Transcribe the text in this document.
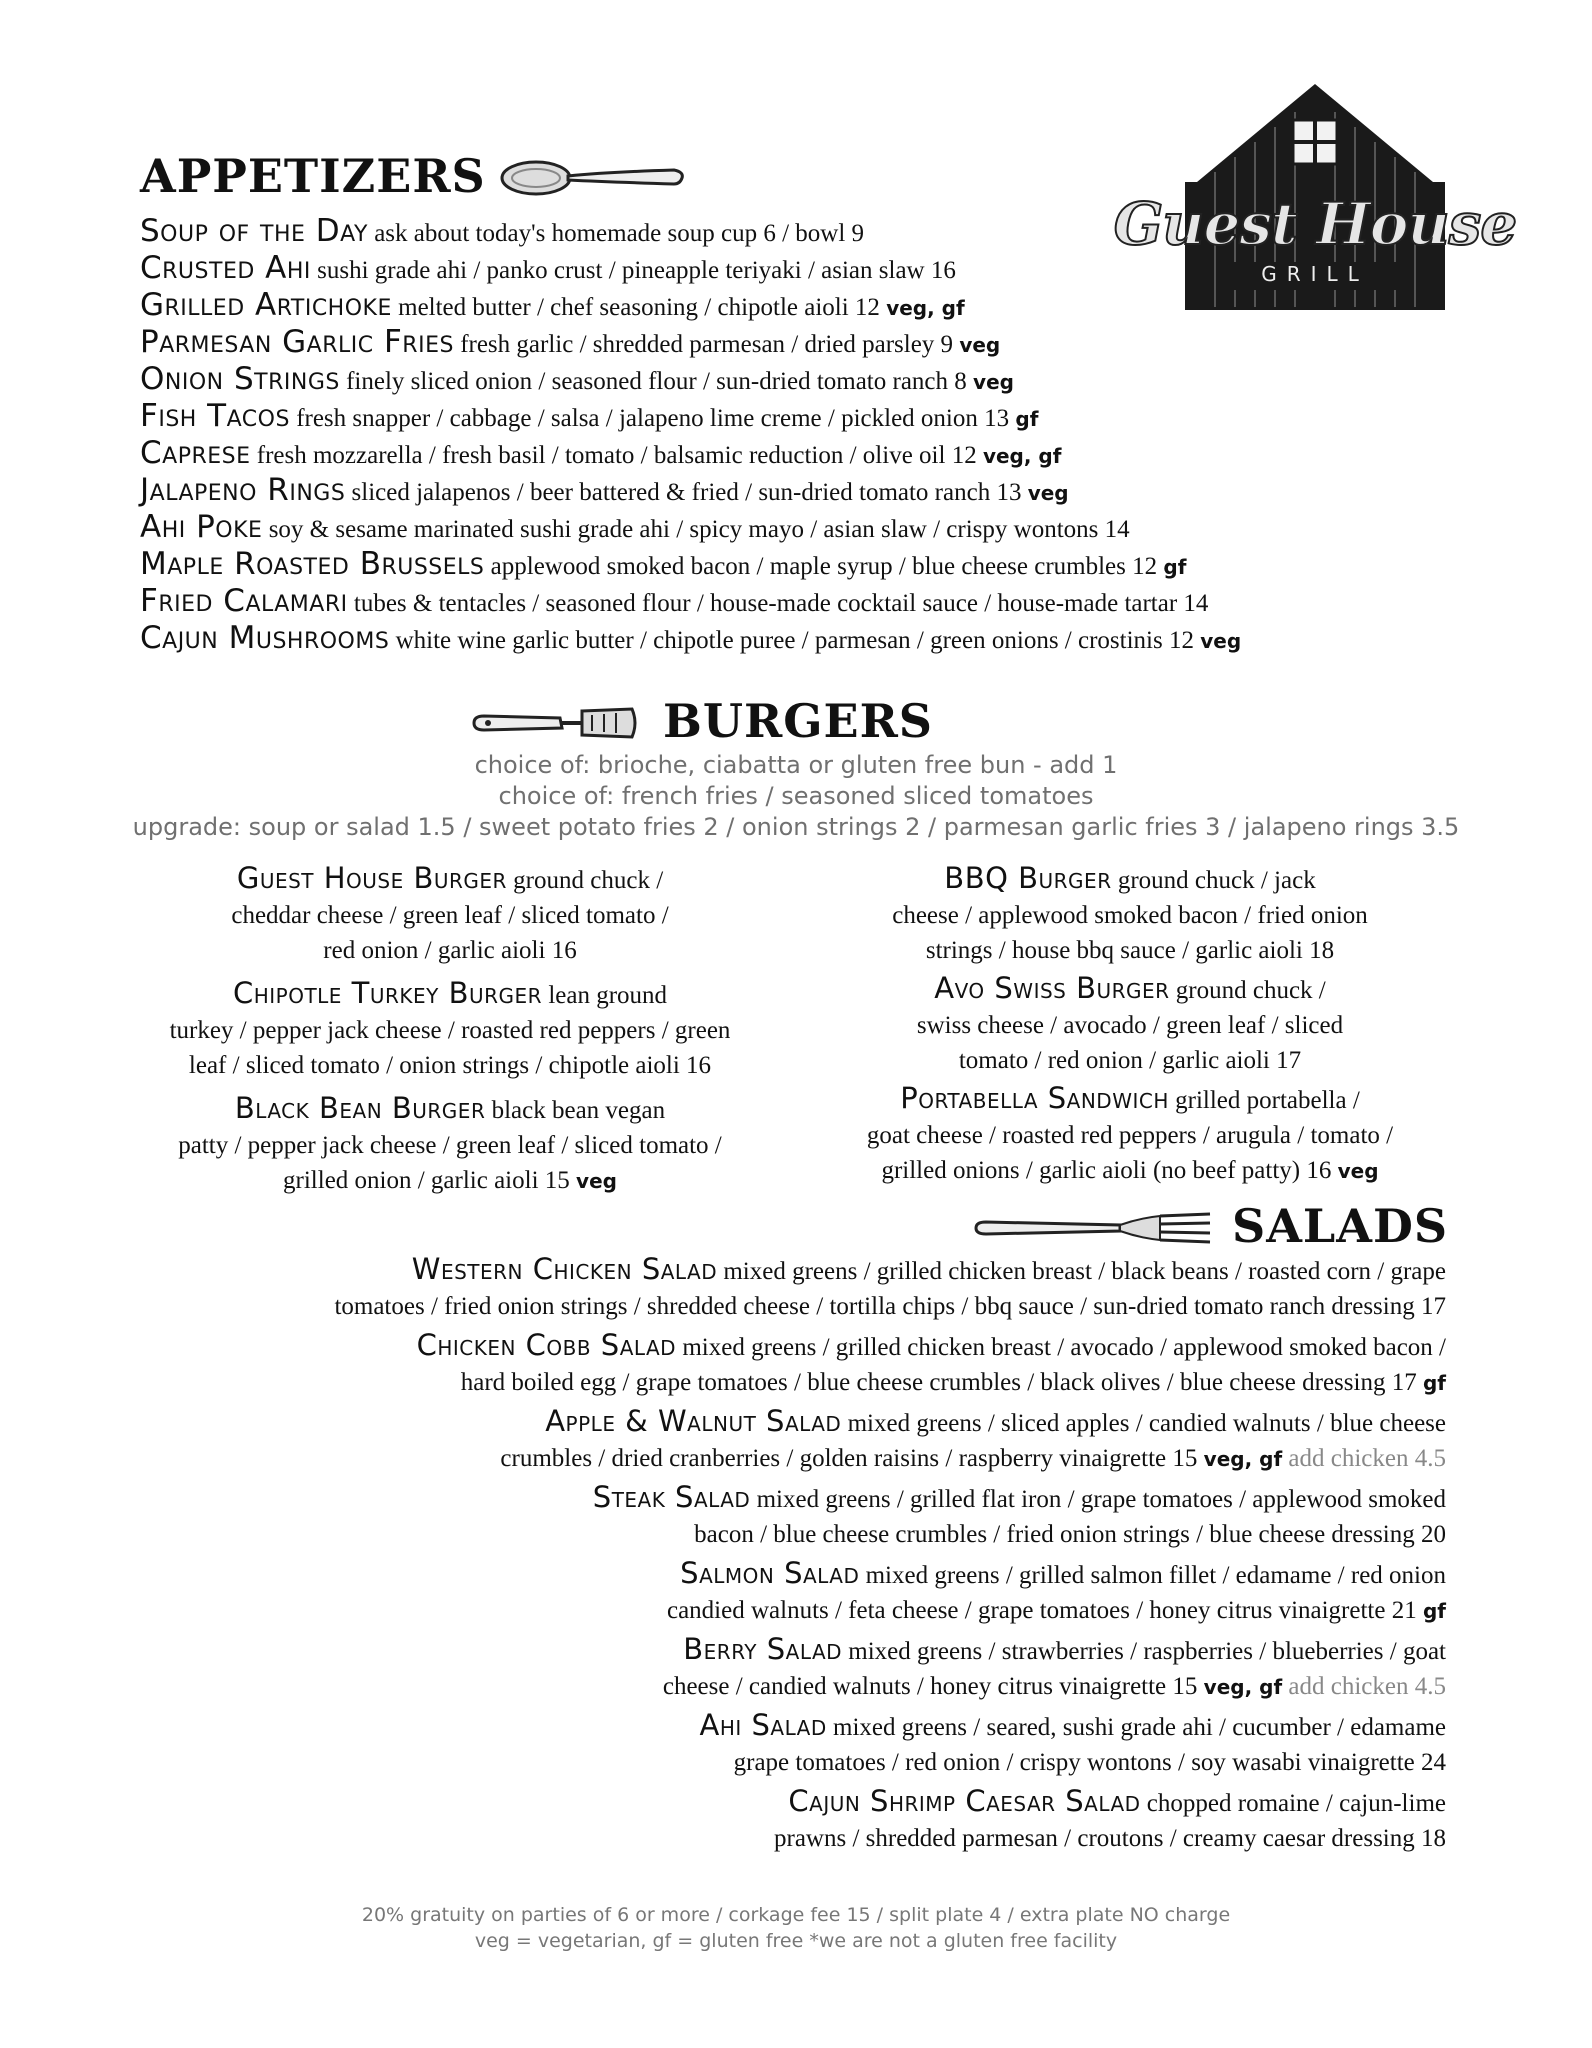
Guest House
GRILL
APPETIZERS
Soup of the Day ask about today's homemade soup cup 6 / bowl 9
Crusted Ahi sushi grade ahi / panko crust / pineapple teriyaki / asian slaw 16
Grilled Artichoke melted butter / chef seasoning / chipotle aioli 12 veg, gf
Parmesan Garlic Fries fresh garlic / shredded parmesan / dried parsley 9 veg
Onion Strings finely sliced onion / seasoned flour / sun-dried tomato ranch 8 veg
Fish Tacos fresh snapper / cabbage / salsa / jalapeno lime creme / pickled onion 13 gf
Caprese fresh mozzarella / fresh basil / tomato / balsamic reduction / olive oil 12 veg, gf
Jalapeno Rings sliced jalapenos / beer battered & fried / sun-dried tomato ranch 13 veg
Ahi Poke soy & sesame marinated sushi grade ahi / spicy mayo / asian slaw / crispy wontons 14
Maple Roasted Brussels applewood smoked bacon / maple syrup / blue cheese crumbles 12 gf
Fried Calamari tubes & tentacles / seasoned flour / house-made cocktail sauce / house-made tartar 14
Cajun Mushrooms white wine garlic butter / chipotle puree / parmesan / green onions / crostinis 12 veg
BURGERS
choice of: brioche, ciabatta or gluten free bun - add 1
choice of: french fries / seasoned sliced tomatoes
upgrade: soup or salad 1.5 / sweet potato fries 2 / onion strings 2 / parmesan garlic fries 3 / jalapeno rings 3.5
Guest House Burger ground chuck /
cheddar cheese / green leaf / sliced tomato /
red onion / garlic aioli 16
Chipotle Turkey Burger lean ground
turkey / pepper jack cheese / roasted red peppers / green
leaf / sliced tomato / onion strings / chipotle aioli 16
Black Bean Burger black bean vegan
patty / pepper jack cheese / green leaf / sliced tomato /
grilled onion / garlic aioli 15 veg
BBQ Burger ground chuck / jack
cheese / applewood smoked bacon / fried onion
strings / house bbq sauce / garlic aioli 18
Avo Swiss Burger ground chuck /
swiss cheese / avocado / green leaf / sliced
tomato / red onion / garlic aioli 17
Portabella Sandwich grilled portabella /
goat cheese / roasted red peppers / arugula / tomato /
grilled onions / garlic aioli (no beef patty) 16 veg
SALADS
Western Chicken Salad mixed greens / grilled chicken breast / black beans / roasted corn / grape
tomatoes / fried onion strings / shredded cheese / tortilla chips / bbq sauce / sun-dried tomato ranch dressing 17
Chicken Cobb Salad mixed greens / grilled chicken breast / avocado / applewood smoked bacon /
hard boiled egg / grape tomatoes / blue cheese crumbles / black olives / blue cheese dressing 17 gf
Apple & Walnut Salad mixed greens / sliced apples / candied walnuts / blue cheese
crumbles / dried cranberries / golden raisins / raspberry vinaigrette 15 veg, gf add chicken 4.5
Steak Salad mixed greens / grilled flat iron / grape tomatoes / applewood smoked
bacon / blue cheese crumbles / fried onion strings / blue cheese dressing 20
Salmon Salad mixed greens / grilled salmon fillet / edamame / red onion
candied walnuts / feta cheese / grape tomatoes / honey citrus vinaigrette 21 gf
Berry Salad mixed greens / strawberries / raspberries / blueberries / goat
cheese / candied walnuts / honey citrus vinaigrette 15 veg, gf add chicken 4.5
Ahi Salad mixed greens / seared, sushi grade ahi / cucumber / edamame
grape tomatoes / red onion / crispy wontons / soy wasabi vinaigrette 24
Cajun Shrimp Caesar Salad chopped romaine / cajun-lime
prawns / shredded parmesan / croutons / creamy caesar dressing 18
20% gratuity on parties of 6 or more / corkage fee 15 / split plate 4 / extra plate NO charge
veg = vegetarian, gf = gluten free *we are not a gluten free facility
